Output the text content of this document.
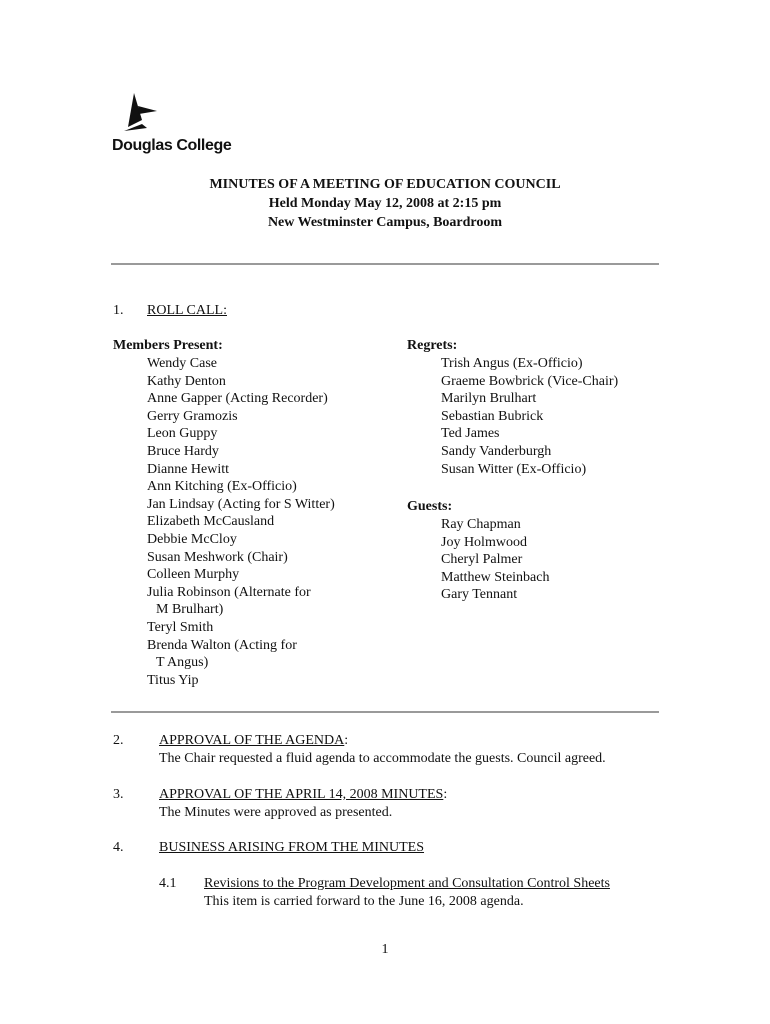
Douglas College
MINUTES OF A MEETING OF EDUCATION COUNCIL
Held Monday May 12, 2008 at 2:15 pm
New Westminster Campus, Boardroom
1. ROLL CALL:
Members Present:
Wendy Case
Kathy Denton
Anne Gapper (Acting Recorder)
Gerry Gramozis
Leon Guppy
Bruce Hardy
Dianne Hewitt
Ann Kitching (Ex-Officio)
Jan Lindsay (Acting for S Witter)
Elizabeth McCausland
Debbie McCloy
Susan Meshwork (Chair)
Colleen Murphy
Julia Robinson (Alternate for
M Brulhart)
Teryl Smith
Brenda Walton (Acting for
T Angus)
Titus Yip
Regrets:
Trish Angus (Ex-Officio)
Graeme Bowbrick (Vice-Chair)
Marilyn Brulhart
Sebastian Bubrick
Ted James
Sandy Vanderburgh
Susan Witter (Ex-Officio)
Guests:
Ray Chapman
Joy Holmwood
Cheryl Palmer
Matthew Steinbach
Gary Tennant
2.	APPROVAL OF THE AGENDA:
The Chair requested a fluid agenda to accommodate the guests. Council agreed.
3.	APPROVAL OF THE APRIL 14, 2008 MINUTES:
The Minutes were approved as presented.
4.	BUSINESS ARISING FROM THE MINUTES
4.1 Revisions to the Program Development and Consultation Control Sheets
This item is carried forward to the June 16, 2008 agenda.
1
